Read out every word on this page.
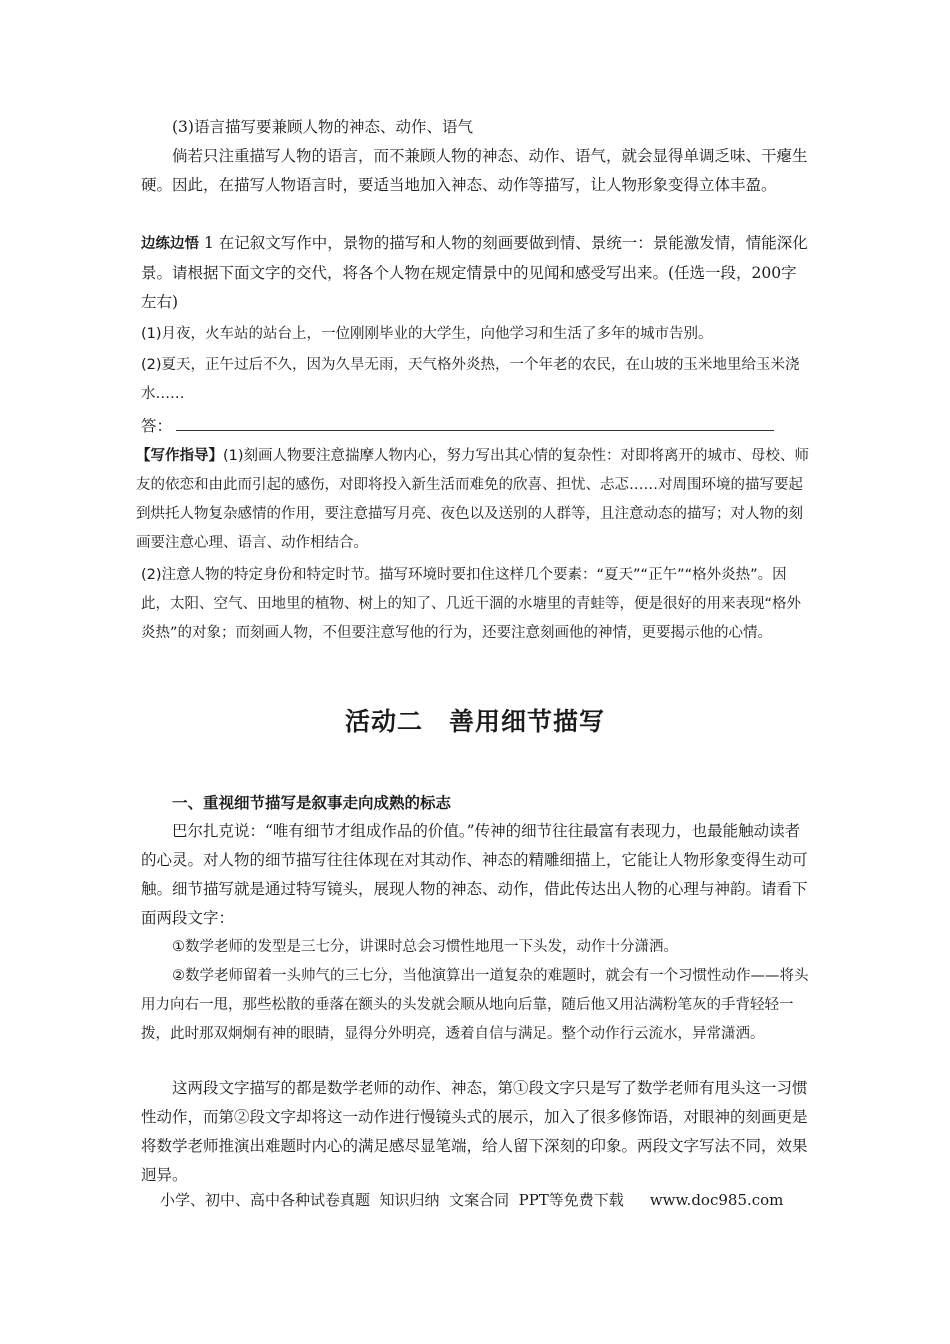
(3)语言描写要兼顾人物的神态、动作、语气

倘若只注重描写人物的语言，而不兼顾人物的神态、动作、语气，就会显得单调乏味、干瘪生硬。因此，在描写人物语言时，要适当地加入神态、动作等描写，让人物形象变得立体丰盈。

边练边悟 1 在记叙文写作中，景物的描写和人物的刻画要做到情、景统一：景能激发情，情能深化景。请根据下面文字的交代，将各个人物在规定情景中的见闻和感受写出来。(任选一段，200字左右)

(1)月夜，火车站的站台上，一位刚刚毕业的大学生，向他学习和生活了多年的城市告别。

(2)夏天，正午过后不久，因为久旱无雨，天气格外炎热，一个年老的农民，在山坡的玉米地里给玉米浇水……

答：

【写作指导】(1)刻画人物要注意揣摩人物内心，努力写出其心情的复杂性：对即将离开的城市、母校、师友的依恋和由此而引起的感伤，对即将投入新生活而难免的欣喜、担忧、忐忑……对周围环境的描写要起到烘托人物复杂感情的作用，要注意描写月亮、夜色以及送别的人群等，且注意动态的描写；对人物的刻画要注意心理、语言、动作相结合。

(2)注意人物的特定身份和特定时节。描写环境时要扣住这样几个要素：“夏天”“正午”“格外炎热”。因此，太阳、空气、田地里的植物、树上的知了、几近干涸的水塘里的青蛙等，便是很好的用来表现“格外炎热”的对象；而刻画人物，不但要注意写他的行为，还要注意刻画他的神情，更要揭示他的心情。

活动二　善用细节描写

一、重视细节描写是叙事走向成熟的标志

巴尔扎克说：“唯有细节才组成作品的价值。”传神的细节往往最富有表现力，也最能触动读者的心灵。对人物的细节描写往往体现在对其动作、神态的精雕细描上，它能让人物形象变得生动可触。细节描写就是通过特写镜头，展现人物的神态、动作，借此传达出人物的心理与神韵。请看下面两段文字：

①数学老师的发型是三七分，讲课时总会习惯性地甩一下头发，动作十分潇洒。

②数学老师留着一头帅气的三七分，当他演算出一道复杂的难题时，就会有一个习惯性动作——将头用力向右一甩，那些松散的垂落在额头的头发就会顺从地向后靠，随后他又用沾满粉笔灰的手背轻轻一拨，此时那双炯炯有神的眼睛，显得分外明亮，透着自信与满足。整个动作行云流水，异常潇洒。

这两段文字描写的都是数学老师的动作、神态，第①段文字只是写了数学老师有甩头这一习惯性动作，而第②段文字却将这一动作进行慢镜头式的展示，加入了很多修饰语，对眼神的刻画更是将数学老师推演出难题时内心的满足感尽显笔端，给人留下深刻的印象。两段文字写法不同，效果迥异。

小学、初中、高中各种试卷真题  知识归纳  文案合同  PPT等免费下载 www.doc985.com
